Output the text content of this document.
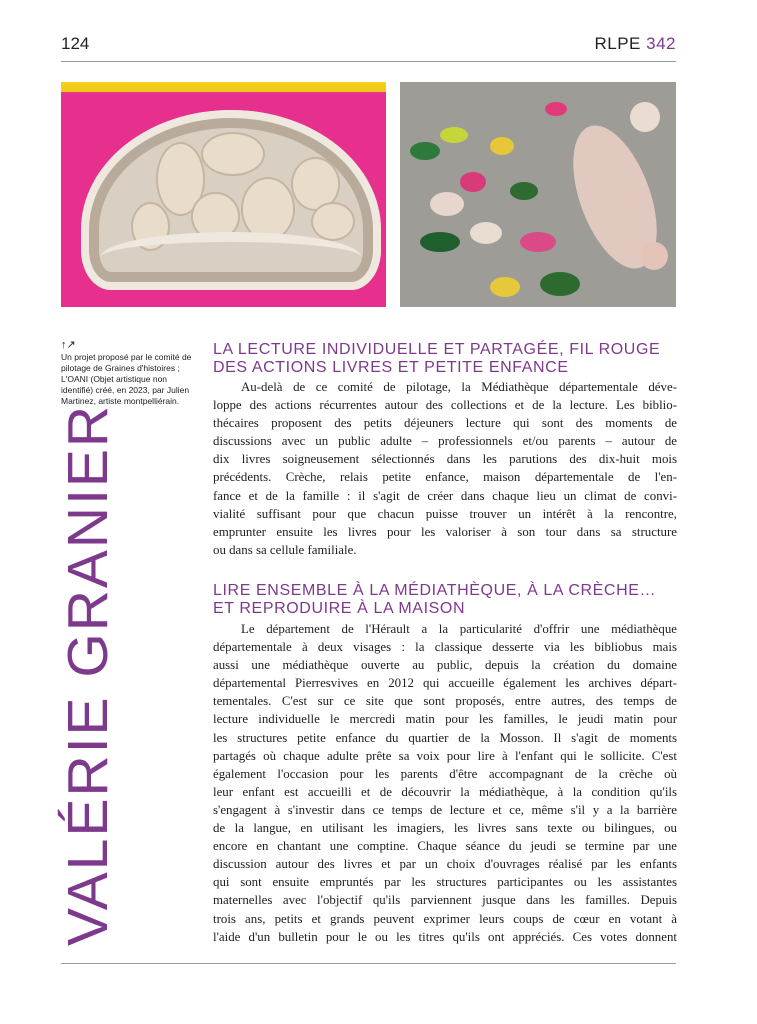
124	RLPE 342
↑↗
Un projet proposé par le comité de pilotage de Graines d'histoires ; L'OANI (Objet artistique non identifié) créé, en 2023, par Julien Martinez, artiste montpelliérain.
VALÉRIE GRANIER
LA LECTURE INDIVIDUELLE ET PARTAGÉE, FIL ROUGE
DES ACTIONS LIVRES ET PETITE ENFANCE
Au-delà de ce comité de pilotage, la Médiathèque départementale déve-
loppe des actions récurrentes autour des collections et de la lecture. Les biblio-
thécaires proposent des petits déjeuners lecture qui sont des moments de
discussions avec un public adulte – professionnels et/ou parents – autour de
dix livres soigneusement sélectionnés dans les parutions des dix-huit mois
précédents. Crèche, relais petite enfance, maison départementale de l'en-
fance et de la famille : il s'agit de créer dans chaque lieu un climat de convi-
vialité suffisant pour que chacun puisse trouver un intérêt à la rencontre,
emprunter ensuite les livres pour les valoriser à son tour dans sa structure
ou dans sa cellule familiale.
LIRE ENSEMBLE À LA MÉDIATHÈQUE, À LA CRÈCHE…
ET REPRODUIRE À LA MAISON
Le département de l'Hérault a la particularité d'offrir une médiathèque
départementale à deux visages : la classique desserte via les bibliobus mais
aussi une médiathèque ouverte au public, depuis la création du domaine
départemental Pierresvives en 2012 qui accueille également les archives départ-
tementales. C'est sur ce site que sont proposés, entre autres, des temps de
lecture individuelle le mercredi matin pour les familles, le jeudi matin pour
les structures petite enfance du quartier de la Mosson. Il s'agit de moments
partagés où chaque adulte prête sa voix pour lire à l'enfant qui le sollicite. C'est
également l'occasion pour les parents d'être accompagnant de la crèche où
leur enfant est accueilli et de découvrir la médiathèque, à la condition qu'ils
s'engagent à s'investir dans ce temps de lecture et ce, même s'il y a la barrière
de la langue, en utilisant les imagiers, les livres sans texte ou bilingues, ou
encore en chantant une comptine. Chaque séance du jeudi se termine par une
discussion autour des livres et par un choix d'ouvrages réalisé par les enfants
qui sont ensuite empruntés par les structures participantes ou les assistantes
maternelles avec l'objectif qu'ils parviennent jusque dans les familles. Depuis
trois ans, petits et grands peuvent exprimer leurs coups de cœur en votant à
l'aide d'un bulletin pour le ou les titres qu'ils ont appréciés. Ces votes donnent
